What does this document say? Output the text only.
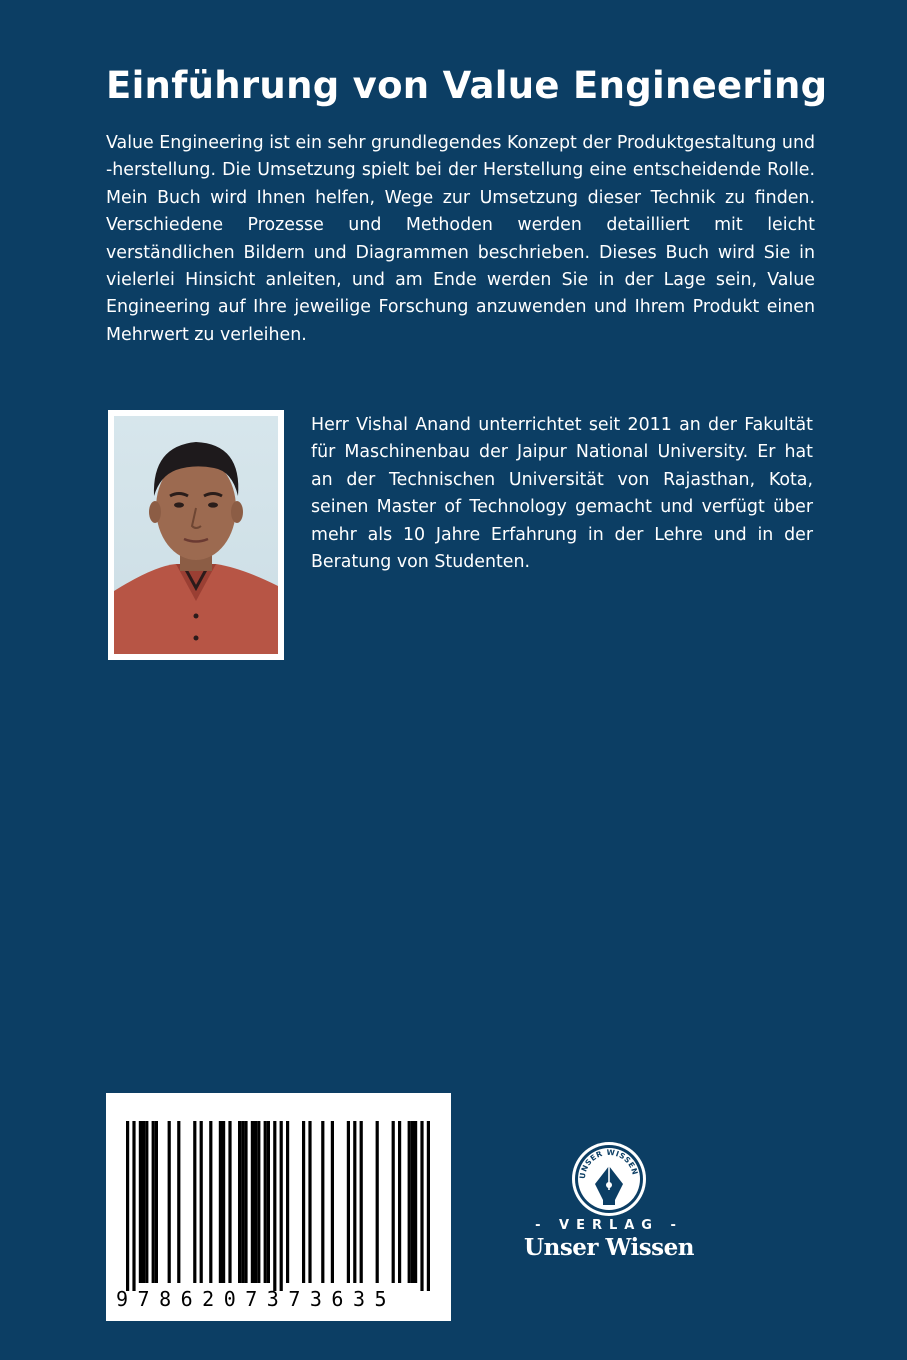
Einführung von Value Engineering

Value Engineering ist ein sehr grundlegendes Konzept der Produktgestaltung und -herstellung. Die Umsetzung spielt bei der Herstellung eine entscheidende Rolle. Mein Buch wird Ihnen helfen, Wege zur Umsetzung dieser Technik zu finden. Verschiedene Prozesse und Methoden werden detailliert mit leicht verständlichen Bildern und Diagrammen beschrieben. Dieses Buch wird Sie in vielerlei Hinsicht anleiten, und am Ende werden Sie in der Lage sein, Value Engineering auf Ihre jeweilige Forschung anzuwenden und Ihrem Produkt einen Mehrwert zu verleihen.

Herr Vishal Anand unterrichtet seit 2011 an der Fakultät für Maschinenbau der Jaipur National University. Er hat an der Technischen Universität von Rajasthan, Kota, seinen Master of Technology gemacht und verfügt über mehr als 10 Jahre Erfahrung in der Lehre und in der Beratung von Studenten.

9786207373635
UNSER WISSEN
- VERLAG -
Unser Wissen
